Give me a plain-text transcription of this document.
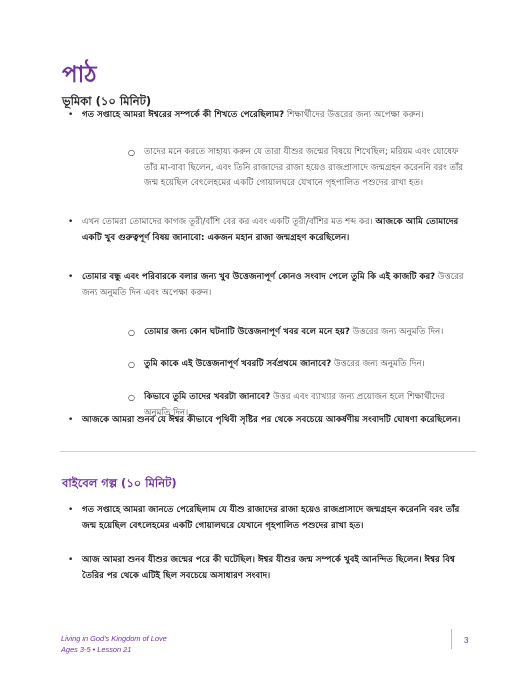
পাঠ
ভূমিকা (১০ মিনিট)
• গত সপ্তাহে আমরা ঈশ্বরের সম্পর্কে কী শিখতে পেরেছিলাম? শিক্ষার্থীদের উত্তরের জন্য অপেক্ষা করুন।
○ তাদের মনে করতে সাহায্য করুন যে তারা যীশুর জন্মের বিষয়ে শিখেছিল; মরিয়ম এবং যোষেফ তাঁর মা-বাবা ছিলেন, এবং তিনি রাজাদের রাজা হয়েও রাজপ্রাসাদে জন্মগ্রহন করেননি বরং তাঁর জন্ম হয়েছিল বেৎলেহমের একটি গোয়ালঘরে যেখানে গৃহপালিত পশুদের রাখা হত।
• এখন তোমরা তোমাদের কাগজ তূরী/বাঁশি বের কর এবং একটি তূরী/বাঁশির মত শব্দ কর। আজকে আমি তোমাদের একটি খুব গুরুত্বপূর্ণ বিষয় জানাবো: একজন মহান রাজা জন্মগ্রহণ করেছিলেন।
• তোমার বন্ধু এবং পরিবারকে বলার জন্য খুব উত্তেজনাপূর্ণ কোনও সংবাদ পেলে তুমি কি এই কাজটি কর? উত্তরের জন্য অনুমতি দিন এবং অপেক্ষা করুন।
○ তোমার জন্য কোন ঘটনাটি উত্তেজনাপূর্ণ খবর বলে মনে হয়? উত্তরের জন্য অনুমতি দিন।
○ তুমি কাকে এই উত্তেজনাপূর্ণ খবরটি সর্বপ্রথমে জানাবে? উত্তরের জন্য অনুমতি দিন।
○ কিভাবে তুমি তাদের খবরটা জানাবে? উত্তর এবং ব্যাখ্যার জন্য প্রয়োজন হলে শিক্ষার্থীদের অনুমতি দিন।
• আজকে আমরা শুনব যে ঈশ্বর কীভাবে পৃথিবী সৃষ্টির পর থেকে সবচেয়ে আকর্ষণীয় সংবাদটি ঘোষণা করেছিলেন।
বাইবেল গল্প (১০ মিনিট)
• গত সপ্তাহে আমরা জানতে পেরেছিলাম যে যীশু রাজাদের রাজা হয়েও রাজপ্রাসাদে জন্মগ্রহন করেননি বরং তাঁর জন্ম হয়েছিল বেৎলেহমের একটি গোয়ালঘরে যেখানে গৃহপালিত পশুদের রাখা হত।
• আজ আমরা শুনব যীশুর জন্মের পরে কী ঘটেছিল। ঈশ্বর যীশুর জন্ম সম্পর্কে খুবই আনন্দিত ছিলেন। ঈশ্বর বিশ্ব তৈরির পর থেকে এটিই ছিল সবচেয়ে অসাধারণ সংবাদ।
Living in God's Kingdom of Love
Ages 3-5 • Lesson 21
3
